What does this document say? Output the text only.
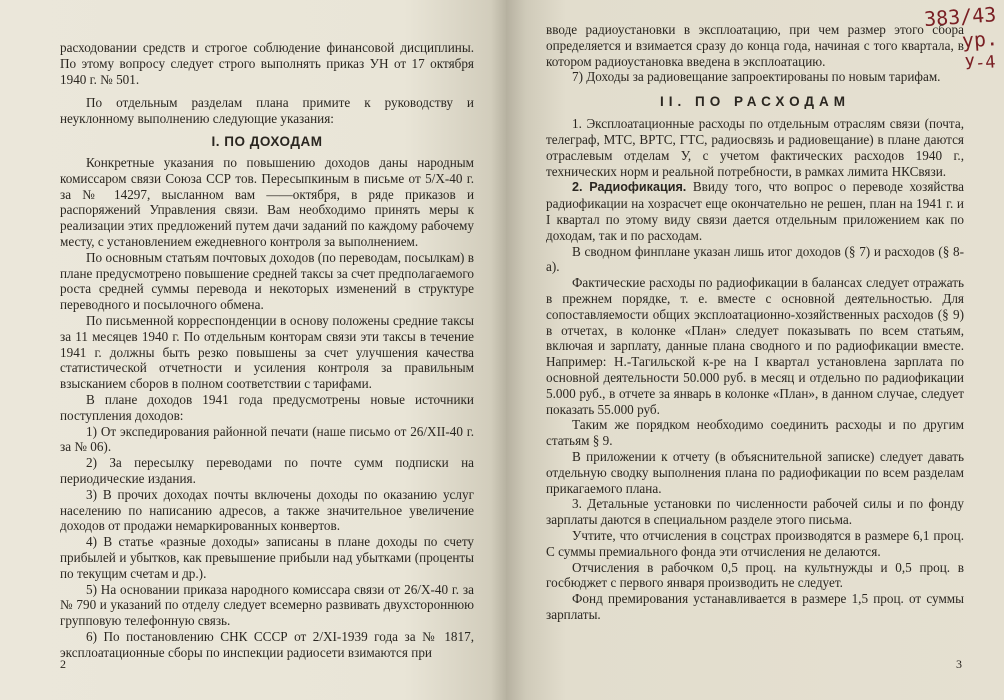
расходовании средств и строгое соблюдение финансовой дисциплины. По этому вопросу следует строго выполнять приказ УН от 17 октября 1940 г. № 501.

По отдельным разделам плана примите к руководству и неуклонному выполнению следующие указания:

I. ПО ДОХОДАМ

Конкретные указания по повышению доходов даны народным комиссаром связи Союза ССР тов. Пересыпкиным в письме от 5/X-40 г. за № 14297, высланном вам ——октября, в ряде приказов и распоряжений Управления связи. Вам необходимо принять меры к реализации этих предложений путем дачи заданий по каждому рабочему месту, с установлением ежедневного контроля за выполнением.

По основным статьям почтовых доходов (по переводам, посылкам) в плане предусмотрено повышение средней таксы за счет предполагаемого роста средней суммы перевода и некоторых изменений в структуре переводного и посылочного обмена.

По письменной корреспонденции в основу положены средние таксы за 11 месяцев 1940 г. По отдельным конторам связи эти таксы в течение 1941 г. должны быть резко повышены за счет улучшения качества статистической отчетности и усиления контроля за правильным взысканием сборов в полном соответствии с тарифами.

В плане доходов 1941 года предусмотрены новые источники поступления доходов:

1) От экспедирования районной печати (наше письмо от 26/XII-40 г. за № 06).

2) За пересылку переводами по почте сумм подписки на периодические издания.

3) В прочих доходах почты включены доходы по оказанию услуг населению по написанию адресов, а также значительное увеличение доходов от продажи немаркированных конвертов.

4) В статье «разные доходы» записаны в плане доходы по счету прибылей и убытков, как превышение прибыли над убытками (проценты по текущим счетам и др.).

5) На основании приказа народного комиссара связи от 26/X-40 г. за № 790 и указаний по отделу следует всемерно развивать двухстороннюю групповую телефонную связь.

6) По постановлению СНК СССР от 2/XI-1939 года за № 1817, эксплоатационные сборы по инспекции радиосети взимаются при

2
383/43 ур.
У-4

вводе радиоустановки в эксплоатацию, при чем размер этого сбора определяется и взимается сразу до конца года, начиная с того квартала, в котором радиоустановка введена в эксплоатацию.

7) Доходы за радиовещание запроектированы по новым тарифам.

II. ПО РАСХОДАМ

1. Эксплоатационные расходы по отдельным отраслям связи (почта, телеграф, МТС, ВРТС, ГТС, радиосвязь и радиовещание) в плане даются отраслевым отделам У, с учетом фактических расходов 1940 г., технических норм и реальной потребности, в рамках лимита НКСвязи.

2. Радиофикация. Ввиду того, что вопрос о переводе хозяйства радиофикации на хозрасчет еще окончательно не решен, план на 1941 г. и I квартал по этому виду связи дается отдельным приложением как по доходам, так и по расходам.

В сводном финплане указан лишь итог доходов (§ 7) и расходов (§ 8-а).

Фактические расходы по радиофикации в балансах следует отражать в прежнем порядке, т. е. вместе с основной деятельностью. Для сопоставляемости общих эксплоатационно-хозяйственных расходов (§ 9) в отчетах, в колонке «План» следует показывать по всем статьям, включая и зарплату, данные плана сводного и по радиофикации вместе. Например: Н.-Тагильской к-ре на I квартал установлена зарплата по основной деятельности 50.000 руб. в месяц и отдельно по радиофикации 5.000 руб., в отчете за январь в колонке «План», в данном случае, следует показать 55.000 руб.

Таким же порядком необходимо соединить расходы и по другим статьям § 9.

В приложении к отчету (в объяснительной записке) следует давать отдельную сводку выполнения плана по радиофикации по всем разделам прикагаемого плана.

3. Детальные установки по численности рабочей силы и по фонду зарплаты даются в специальном разделе этого письма.

Учтите, что отчисления в соцстрах производятся в размере 6,1 проц. С суммы премиального фонда эти отчисления не делаются.

Отчисления в рабочком 0,5 проц. на культнужды и 0,5 проц. в госбюджет с первого января производить не следует.

Фонд премирования устанавливается в размере 1,5 проц. от суммы зарплаты.

3
